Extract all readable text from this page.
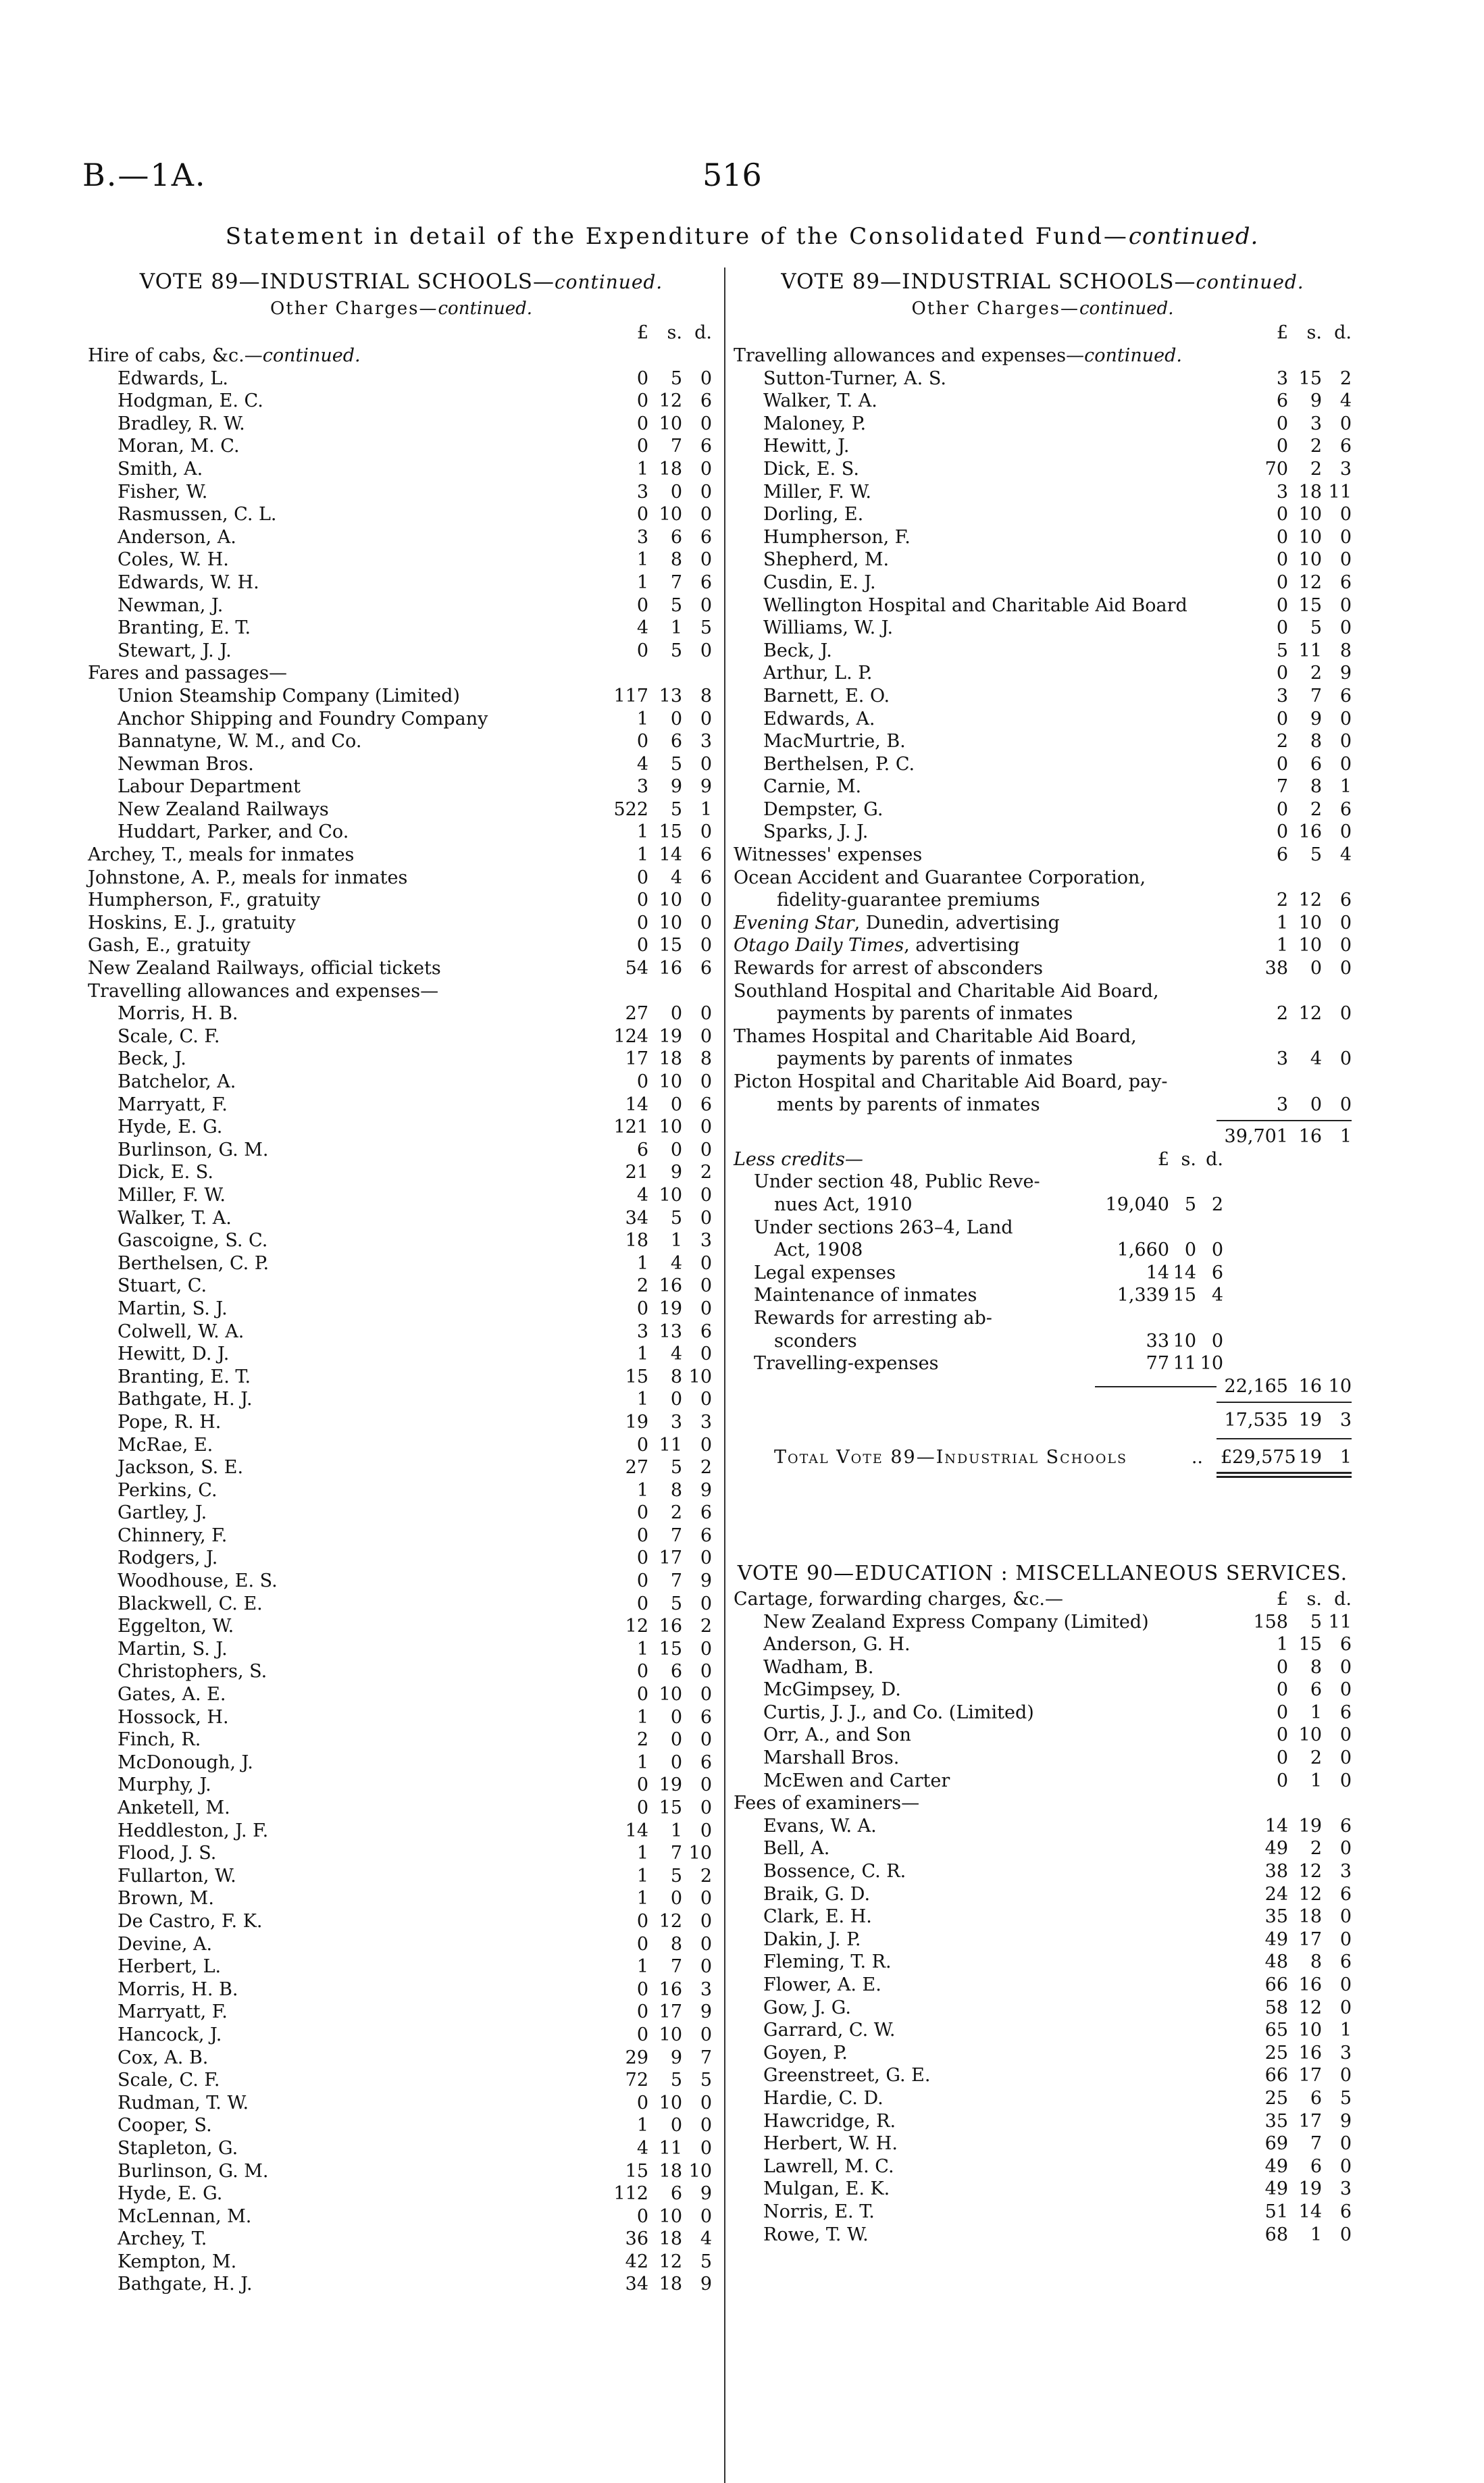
B.—1A.	516
Statement in detail of the Expenditure of the Consolidated Fund—continued.
VOTE 89—INDUSTRIAL SCHOOLS—continued.
Other Charges—continued.
£	s. d.
Hire of cabs, &c.—continued.
Edwards, L.	0	5 0
Hodgman, E. C.	0 12 6
Bradley, R. W.	0 10 0
Moran, M. C.	0	7 6
Smith, A.	1 18 0
Fisher, W.	3	0 0
Rasmussen, C. L.	0 10 0
Anderson, A.	3	6 6
Coles, W. H.	1	8 0
Edwards, W. H.	1	7 6
Newman, J.	0	5 0
Branting, E. T.	4	1 5
Stewart, J. J.	0	5 0
Fares and passages—
Union Steamship Company (Limited)	117 13 8
Anchor Shipping and Foundry Company	1	0 0
Bannatyne, W. M., and Co.	0	6 3
Newman Bros.	4	5 0
Labour Department	3	9 9
New Zealand Railways	522	5 1
Huddart, Parker, and Co.	1 15 0
Archey, T., meals for inmates	1 14 6
Johnstone, A. P., meals for inmates	0	4 6
Humpherson, F., gratuity	0 10 0
Hoskins, E. J., gratuity	0 10 0
Gash, E., gratuity	0 15 0
New Zealand Railways, official tickets	54 16 6
Travelling allowances and expenses—
Morris, H. B.	27	0 0
Scale, C. F.	124 19 0
Beck, J.	17 18 8
Batchelor, A.	0 10 0
Marryatt, F.	14	0 6
Hyde, E. G.	121 10 0
Burlinson, G. M.	6	0 0
Dick, E. S.	21	9 2
Miller, F. W.	4 10 0
Walker, T. A.	34	5 0
Gascoigne, S. C.	18	1 3
Berthelsen, C. P.	1	4 0
Stuart, C.	2 16 0
Martin, S. J.	0 19 0
Colwell, W. A.	3 13 6
Hewitt, D. J.	1	4 0
Branting, E. T.	15	8 10
Bathgate, H. J.	1	0 0
Pope, R. H.	19	3 3
McRae, E.	0 11 0
Jackson, S. E.	27	5 2
Perkins, C.	1	8 9
Gartley, J.	0	2 6
Chinnery, F.	0	7 6
Rodgers, J.	0 17 0
Woodhouse, E. S.	0	7 9
Blackwell, C. E.	0	5 0
Eggelton, W.	12 16 2
Martin, S. J.	1 15 0
Christophers, S.	0	6 0
Gates, A. E.	0 10 0
Hossock, H.	1	0 6
Finch, R.	2	0 0
McDonough, J.	1	0 6
Murphy, J.	0 19 0
Anketell, M.	0 15 0
Heddleston, J. F.	14	1 0
Flood, J. S.	1	7 10
Fullarton, W.	1	5 2
Brown, M.	1	0 0
De Castro, F. K.	0 12 0
Devine, A.	0	8 0
Herbert, L.	1	7 0
Morris, H. B.	0 16 3
Marryatt, F.	0 17 9
Hancock, J.	0 10 0
Cox, A. B.	29	9 7
Scale, C. F.	72	5 5
Rudman, T. W.	0 10 0
Cooper, S.	1	0 0
Stapleton, G.	4 11 0
Burlinson, G. M.	15 18 10
Hyde, E. G.	112	6 9
McLennan, M.	0 10 0
Archey, T.	36 18 4
Kempton, M.	42 12 5
Bathgate, H. J.	34 18 9
VOTE 89—INDUSTRIAL SCHOOLS—continued.
Other Charges—continued.
£	s. d.
Travelling allowances and expenses—continued.
Sutton-Turner, A. S.	3 15 2
Walker, T. A.	6	9 4
Maloney, P.	0	3 0
Hewitt, J.	0	2 6
Dick, E. S.	70	2 3
Miller, F. W.	3 18 11
Dorling, E.	0 10 0
Humpherson, F.	0 10 0
Shepherd, M.	0 10 0
Cusdin, E. J.	0 12 6
Wellington Hospital and Charitable Aid Board	0 15 0
Williams, W. J.	0	5 0
Beck, J.	5 11 8
Arthur, L. P.	0	2 9
Barnett, E. O.	3	7 6
Edwards, A.	0	9 0
MacMurtrie, B.	2	8 0
Berthelsen, P. C.	0	6 0
Carnie, M.	7	8 1
Dempster, G.	0	2 6
Sparks, J. J.	0 16 0
Witnesses' expenses	6	5 4
Ocean Accident and Guarantee Corporation,
fidelity-guarantee premiums	2 12 6
Evening Star, Dunedin, advertising	1 10 0
Otago Daily Times, advertising	1 10 0
Rewards for arrest of absconders	38	0 0
Southland Hospital and Charitable Aid Board,
payments by parents of inmates	2 12 0
Thames Hospital and Charitable Aid Board,
payments by parents of inmates	3	4 0
Picton Hospital and Charitable Aid Board, pay-
ments by parents of inmates	3	0 0
39,701 16 1
Less credits—	£ s. d.
Under section 48, Public Reve-
nues Act, 1910	19,040 5 2
Under sections 263–4, Land
Act, 1908	1,660 0 0
Legal expenses	14 14 6
Maintenance of inmates	1,339 15 4
Rewards for arresting ab-
sconders	33 10 0
Travelling-expenses	77 11 10
22,165 16 10
17,535 19 3
Total Vote 89—Industrial Schools	.. £29,575 19 1
VOTE 90—EDUCATION : MISCELLANEOUS SERVICES.
Cartage, forwarding charges, &c.—	£	s. d.
New Zealand Express Company (Limited)	158	5 11
Anderson, G. H.	1 15 6
Wadham, B.	0	8 0
McGimpsey, D.	0	6 0
Curtis, J. J., and Co. (Limited)	0	1 6
Orr, A., and Son	0 10 0
Marshall Bros.	0	2 0
McEwen and Carter	0	1 0
Fees of examiners—
Evans, W. A.	14 19 6
Bell, A.	49	2 0
Bossence, C. R.	38 12 3
Braik, G. D.	24 12 6
Clark, E. H.	35 18 0
Dakin, J. P.	49 17 0
Fleming, T. R.	48	8 6
Flower, A. E.	66 16 0
Gow, J. G.	58 12 0
Garrard, C. W.	65 10 1
Goyen, P.	25 16 3
Greenstreet, G. E.	66 17 0
Hardie, C. D.	25	6 5
Hawcridge, R.	35 17 9
Herbert, W. H.	69	7 0
Lawrell, M. C.	49	6 0
Mulgan, E. K.	49 19 3
Norris, E. T.	51 14 6
Rowe, T. W.	68	1 0
